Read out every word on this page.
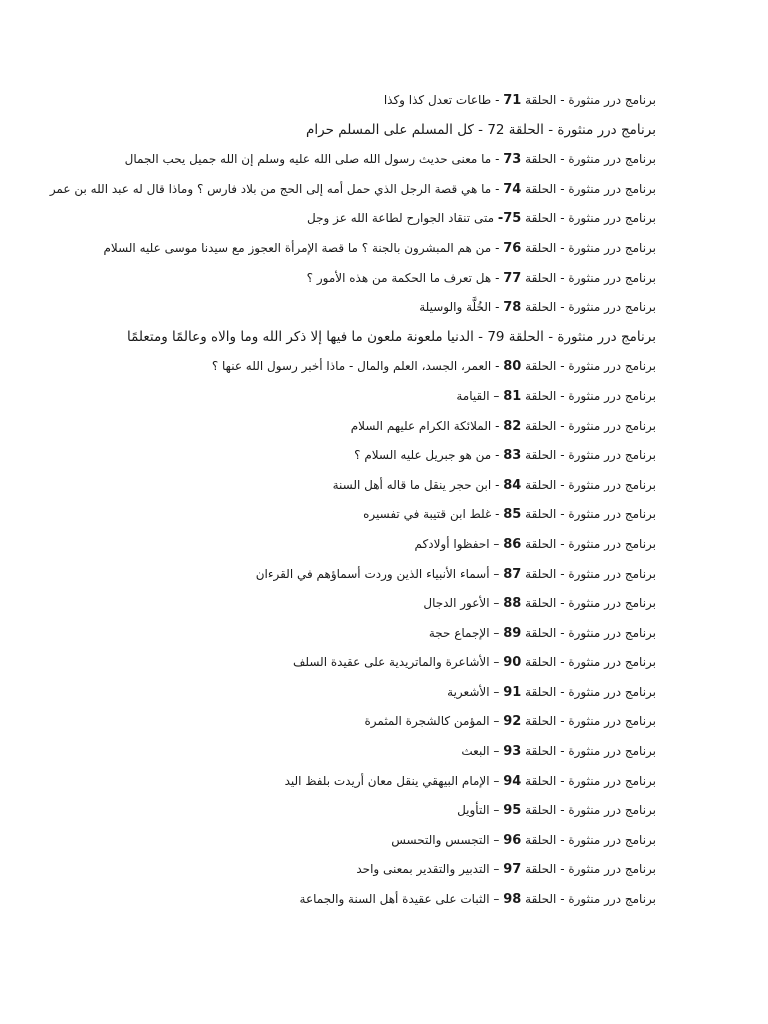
برنامج درر منثورة - الحلقة 71 - طاعات تعدل كذا وكذا
برنامج درر منثورة - الحلقة 72 - كل المسلم على المسلم حرام
برنامج درر منثورة - الحلقة 73 - ما معنى حديث رسول الله صلى الله عليه وسلم إن الله جميل يحب الجمال
برنامج درر منثورة - الحلقة 74 - ما هي قصة الرجل الذي حمل أمه إلى الحج من بلاد فارس ؟ وماذا قال له عبد الله بن عمر
برنامج درر منثورة - الحلقة 75- متى تنقاد الجوارح لطاعة الله عز وجل
برنامج درر منثورة - الحلقة 76 - من هم المبشرون بالجنة ؟ ما قصة الإمرأة العجوز مع سيدنا موسى عليه السلام
برنامج درر منثورة - الحلقة 77 - هل تعرف ما الحكمة من هذه الأمور ؟
برنامج درر منثورة - الحلقة 78 - الخُلَّة والوسيلة
برنامج درر منثورة - الحلقة 79 - الدنيا ملعونة ملعون ما فيها إلا ذكر الله وما والاه وعالمًا ومتعلمًا
برنامج درر منثورة - الحلقة 80 - العمر، الجسد، العلم والمال - ماذا أخبر رسول الله عنها ؟
برنامج درر منثورة - الحلقة 81 – القيامة
برنامج درر منثورة - الحلقة 82 - الملائكة الكرام عليهم السلام
برنامج درر منثورة - الحلقة 83 - من هو جبريل عليه السلام ؟
برنامج درر منثورة - الحلقة 84 - ابن حجر ينقل ما قاله أهل السنة
برنامج درر منثورة - الحلقة 85 - غلط ابن قتيبة في تفسيره
برنامج درر منثورة - الحلقة 86 – احفظوا أولادكم
برنامج درر منثورة - الحلقة 87 – أسماء الأنبياء الذين وردت أسماؤهم في القرءان
برنامج درر منثورة - الحلقة 88 – الأعور الدجال
برنامج درر منثورة - الحلقة 89 – الإجماع حجة
برنامج درر منثورة - الحلقة 90 – الأشاعرة والماتريدية على عقيدة السلف
برنامج درر منثورة - الحلقة 91 – الأشعرية
برنامج درر منثورة - الحلقة 92 – المؤمن كالشجرة المثمرة
برنامج درر منثورة - الحلقة 93 – البعث
برنامج درر منثورة - الحلقة 94 – الإمام البيهقي ينقل معان أريدت بلفظ اليد
برنامج درر منثورة - الحلقة 95 – التأويل
برنامج درر منثورة - الحلقة 96 – التجسس والتحسس
برنامج درر منثورة - الحلقة 97 – التدبير والتقدير بمعنى واحد
برنامج درر منثورة - الحلقة 98 – الثبات على عقيدة أهل السنة والجماعة
